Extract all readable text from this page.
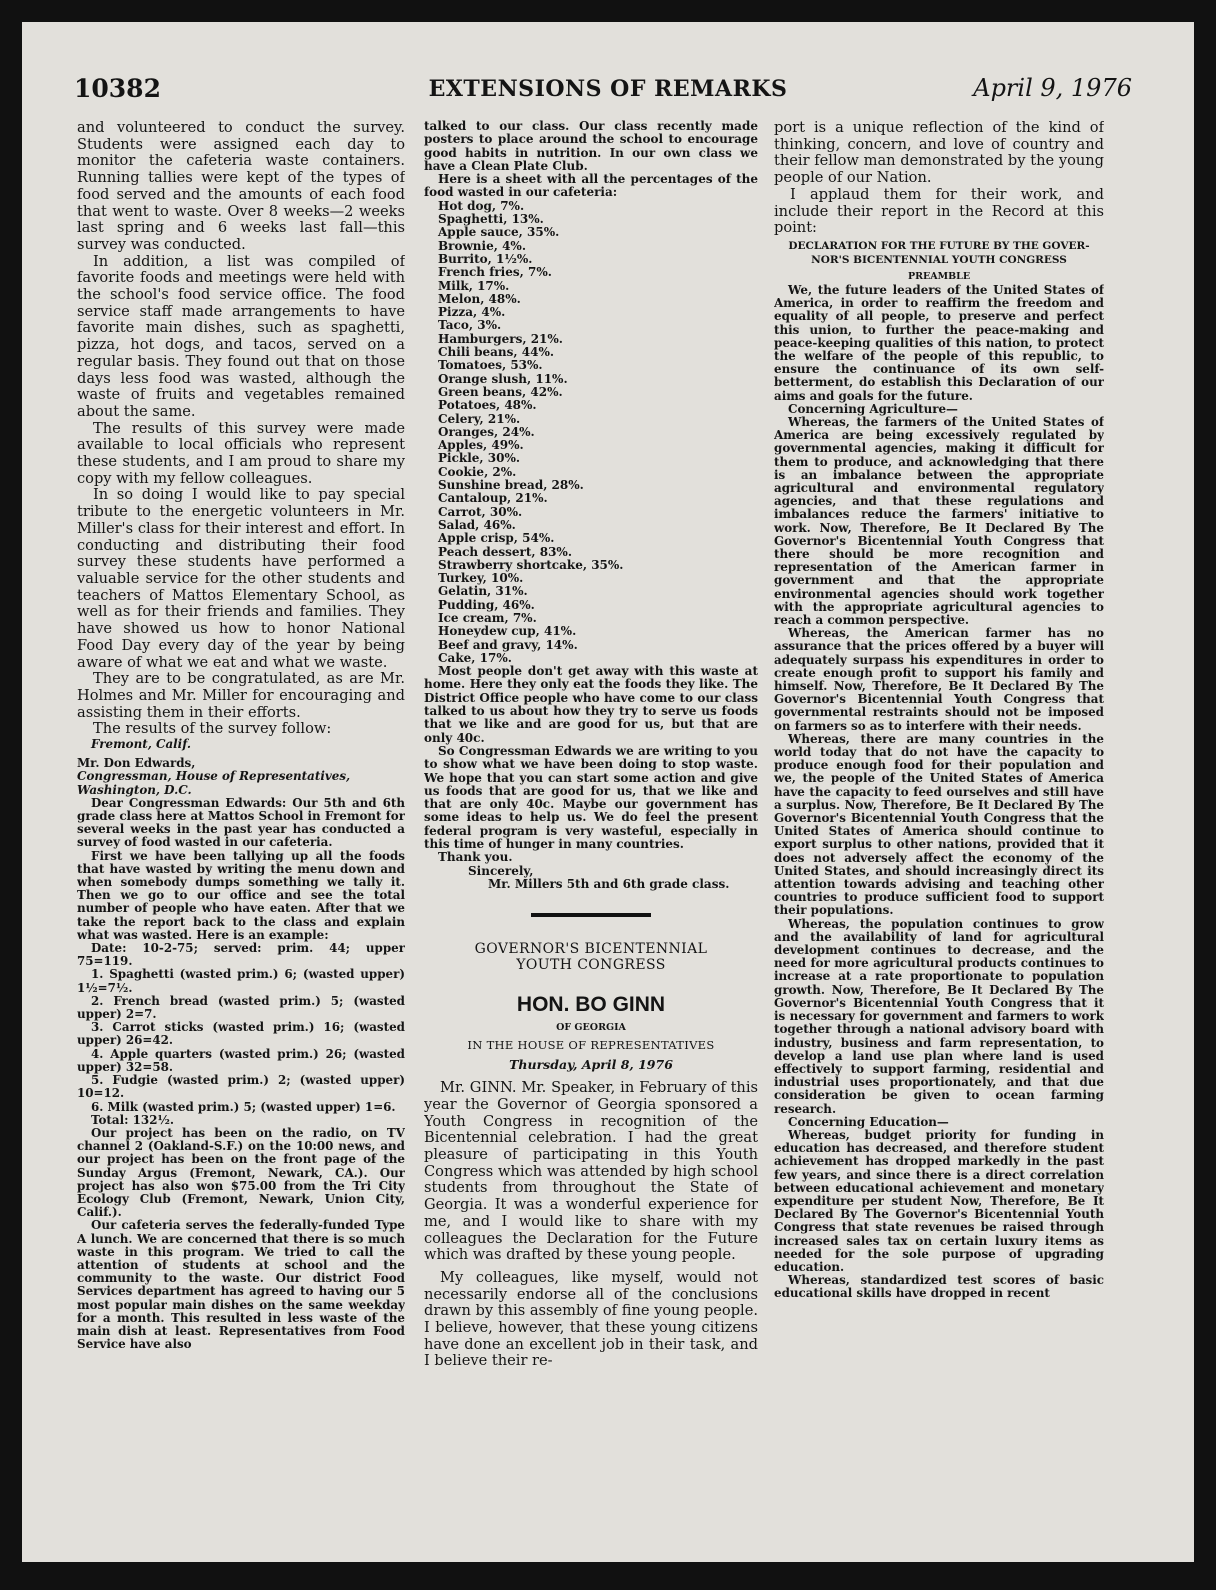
10382	EXTENSIONS OF REMARKS	April 9, 1976

and volunteered to conduct the survey. Students were assigned each day to monitor the cafeteria waste containers. Running tallies were kept of the types of food served and the amounts of each food that went to waste. Over 8 weeks—2 weeks last spring and 6 weeks last fall—this survey was conducted.

In addition, a list was compiled of favorite foods and meetings were held with the school's food service office. The food service staff made arrangements to have favorite main dishes, such as spaghetti, pizza, hot dogs, and tacos, served on a regular basis. They found out that on those days less food was wasted, although the waste of fruits and vegetables remained about the same.

The results of this survey were made available to local officials who represent these students, and I am proud to share my copy with my fellow colleagues.

In so doing I would like to pay special tribute to the energetic volunteers in Mr. Miller's class for their interest and effort. In conducting and distributing their food survey these students have performed a valuable service for the other students and teachers of Mattos Elementary School, as well as for their friends and families. They have showed us how to honor National Food Day every day of the year by being aware of what we eat and what we waste.

They are to be congratulated, as are Mr. Holmes and Mr. Miller for encouraging and assisting them in their efforts.

The results of the survey follow:

Fremont, Calif.

Mr. Don Edwards,

Congressman, House of Representatives,

Washington, D.C.

Dear Congressman Edwards: Our 5th and 6th grade class here at Mattos School in Fremont for several weeks in the past year has conducted a survey of food wasted in our cafeteria.

First we have been tallying up all the foods that have wasted by writing the menu down and when somebody dumps something we tally it. Then we go to our office and see the total number of people who have eaten. After that we take the report back to the class and explain what was wasted. Here is an example:

Date: 10-2-75; served: prim. 44; upper 75=119.

1. Spaghetti (wasted prim.) 6; (wasted upper) 1½=7½.

2. French bread (wasted prim.) 5; (wasted upper) 2=7.

3. Carrot sticks (wasted prim.) 16; (wasted upper) 26=42.

4. Apple quarters (wasted prim.) 26; (wasted upper) 32=58.

5. Fudgie (wasted prim.) 2; (wasted upper) 10=12.

6. Milk (wasted prim.) 5; (wasted upper) 1=6.

Total: 132½.

Our project has been on the radio, on TV channel 2 (Oakland-S.F.) on the 10:00 news, and our project has been on the front page of the Sunday Argus (Fremont, Newark, CA.). Our project has also won $75.00 from the Tri City Ecology Club (Fremont, Newark, Union City, Calif.).

Our cafeteria serves the federally-funded Type A lunch. We are concerned that there is so much waste in this program. We tried to call the attention of students at school and the community to the waste. Our district Food Services department has agreed to having our 5 most popular main dishes on the same weekday for a month. This resulted in less waste of the main dish at least. Representatives from Food Service have also

talked to our class. Our class recently made posters to place around the school to encourage good habits in nutrition. In our own class we have a Clean Plate Club.

Here is a sheet with all the percentages of the food wasted in our cafeteria:

Hot dog, 7%.
Spaghetti, 13%.
Apple sauce, 35%.
Brownie, 4%.
Burrito, 1½%.
French fries, 7%.
Milk, 17%.
Melon, 48%.
Pizza, 4%.
Taco, 3%.
Hamburgers, 21%.
Chili beans, 44%.
Tomatoes, 53%.
Orange slush, 11%.
Green beans, 42%.
Potatoes, 48%.
Celery, 21%.
Oranges, 24%.
Apples, 49%.
Pickle, 30%.
Cookie, 2%.
Sunshine bread, 28%.
Cantaloup, 21%.
Carrot, 30%.
Salad, 46%.
Apple crisp, 54%.
Peach dessert, 83%.
Strawberry shortcake, 35%.
Turkey, 10%.
Gelatin, 31%.
Pudding, 46%.
Ice cream, 7%.
Honeydew cup, 41%.
Beef and gravy, 14%.
Cake, 17%.

Most people don't get away with this waste at home. Here they only eat the foods they like. The District Office people who have come to our class talked to us about how they try to serve us foods that we like and are good for us, but that are only 40c.

So Congressman Edwards we are writing to you to show what we have been doing to stop waste. We hope that you can start some action and give us foods that are good for us, that we like and that are only 40c. Maybe our government has some ideas to help us. We do feel the present federal program is very wasteful, especially in this time of hunger in many countries.

Thank you.

Sincerely,

Mr. Millers 5th and 6th grade class.

GOVERNOR'S BICENTENNIAL
YOUTH CONGRESS
HON. BO GINN
OF GEORGIA
IN THE HOUSE OF REPRESENTATIVES
Thursday, April 8, 1976

Mr. GINN. Mr. Speaker, in February of this year the Governor of Georgia sponsored a Youth Congress in recognition of the Bicentennial celebration. I had the great pleasure of participating in this Youth Congress which was attended by high school students from throughout the State of Georgia. It was a wonderful experience for me, and I would like to share with my colleagues the Declaration for the Future which was drafted by these young people.

My colleagues, like myself, would not necessarily endorse all of the conclusions drawn by this assembly of fine young people. I believe, however, that these young citizens have done an excellent job in their task, and I believe their re-

port is a unique reflection of the kind of thinking, concern, and love of country and their fellow man demonstrated by the young people of our Nation.

I applaud them for their work, and include their report in the Record at this point:

DECLARATION FOR THE FUTURE BY THE GOVER-
NOR'S BICENTENNIAL YOUTH CONGRESS
PREAMBLE

We, the future leaders of the United States of America, in order to reaffirm the freedom and equality of all people, to preserve and perfect this union, to further the peace-making and peace-keeping qualities of this nation, to protect the welfare of the people of this republic, to ensure the continuance of its own self-betterment, do establish this Declaration of our aims and goals for the future.

Concerning Agriculture—

Whereas, the farmers of the United States of America are being excessively regulated by governmental agencies, making it difficult for them to produce, and acknowledging that there is an imbalance between the appropriate agricultural and environmental regulatory agencies, and that these regulations and imbalances reduce the farmers' initiative to work. Now, Therefore, Be It Declared By The Governor's Bicentennial Youth Congress that there should be more recognition and representation of the American farmer in government and that the appropriate environmental agencies should work together with the appropriate agricultural agencies to reach a common perspective.

Whereas, the American farmer has no assurance that the prices offered by a buyer will adequately surpass his expenditures in order to create enough profit to support his family and himself. Now, Therefore, Be It Declared By The Governor's Bicentennial Youth Congress that governmental restraints should not be imposed on farmers so as to interfere with their needs.

Whereas, there are many countries in the world today that do not have the capacity to produce enough food for their population and we, the people of the United States of America have the capacity to feed ourselves and still have a surplus. Now, Therefore, Be It Declared By The Governor's Bicentennial Youth Congress that the United States of America should continue to export surplus to other nations, provided that it does not adversely affect the economy of the United States, and should increasingly direct its attention towards advising and teaching other countries to produce sufficient food to support their populations.

Whereas, the population continues to grow and the availability of land for agricultural development continues to decrease, and the need for more agricultural products continues to increase at a rate proportionate to population growth. Now, Therefore, Be It Declared By The Governor's Bicentennial Youth Congress that it is necessary for government and farmers to work together through a national advisory board with industry, business and farm representation, to develop a land use plan where land is used effectively to support farming, residential and industrial uses proportionately, and that due consideration be given to ocean farming research.

Concerning Education—

Whereas, budget priority for funding in education has decreased, and therefore student achievement has dropped markedly in the past few years, and since there is a direct correlation between educational achievement and monetary expenditure per student Now, Therefore, Be It Declared By The Governor's Bicentennial Youth Congress that state revenues be raised through increased sales tax on certain luxury items as needed for the sole purpose of upgrading education.

Whereas, standardized test scores of basic educational skills have dropped in recent
